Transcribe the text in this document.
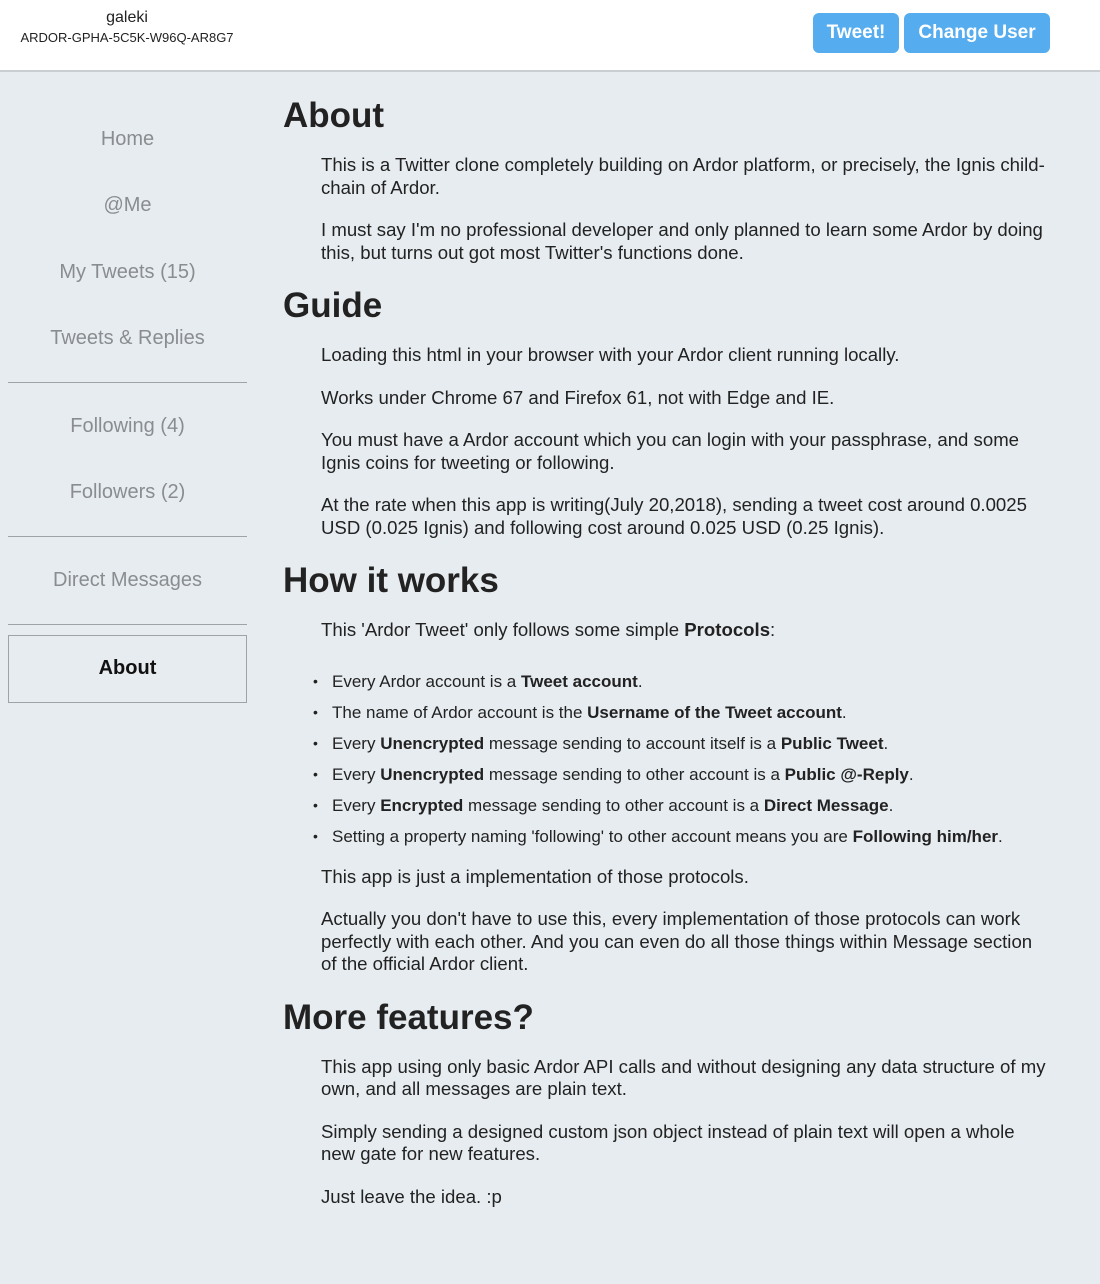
galeki
ARDOR-GPHA-5C5K-W96Q-AR8G7	Tweet!	Change User
Home
@Me
My Tweets (15)
Tweets & Replies
Following (4)
Followers (2)
Direct Messages
About
About

This is a Twitter clone completely building on Ardor platform, or precisely, the Ignis child-chain of Ardor.

I must say I'm no professional developer and only planned to learn some Ardor by doing this, but turns out got most Twitter's functions done.

Guide

Loading this html in your browser with your Ardor client running locally.

Works under Chrome 67 and Firefox 61, not with Edge and IE.

You must have a Ardor account which you can login with your passphrase, and some Ignis coins for tweeting or following.

At the rate when this app is writing(July 20,2018), sending a tweet cost around 0.0025 USD (0.025 Ignis) and following cost around 0.025 USD (0.25 Ignis).

How it works

This 'Ardor Tweet' only follows some simple Protocols:

• Every Ardor account is a Tweet account.
• The name of Ardor account is the Username of the Tweet account.
• Every Unencrypted message sending to account itself is a Public Tweet.
• Every Unencrypted message sending to other account is a Public @-Reply.
• Every Encrypted message sending to other account is a Direct Message.
• Setting a property naming 'following' to other account means you are Following him/her.

This app is just a implementation of those protocols.

Actually you don't have to use this, every implementation of those protocols can work perfectly with each other. And you can even do all those things within Message section of the official Ardor client.

More features?

This app using only basic Ardor API calls and without designing any data structure of my own, and all messages are plain text.

Simply sending a designed custom json object instead of plain text will open a whole new gate for new features.

Just leave the idea. :p
